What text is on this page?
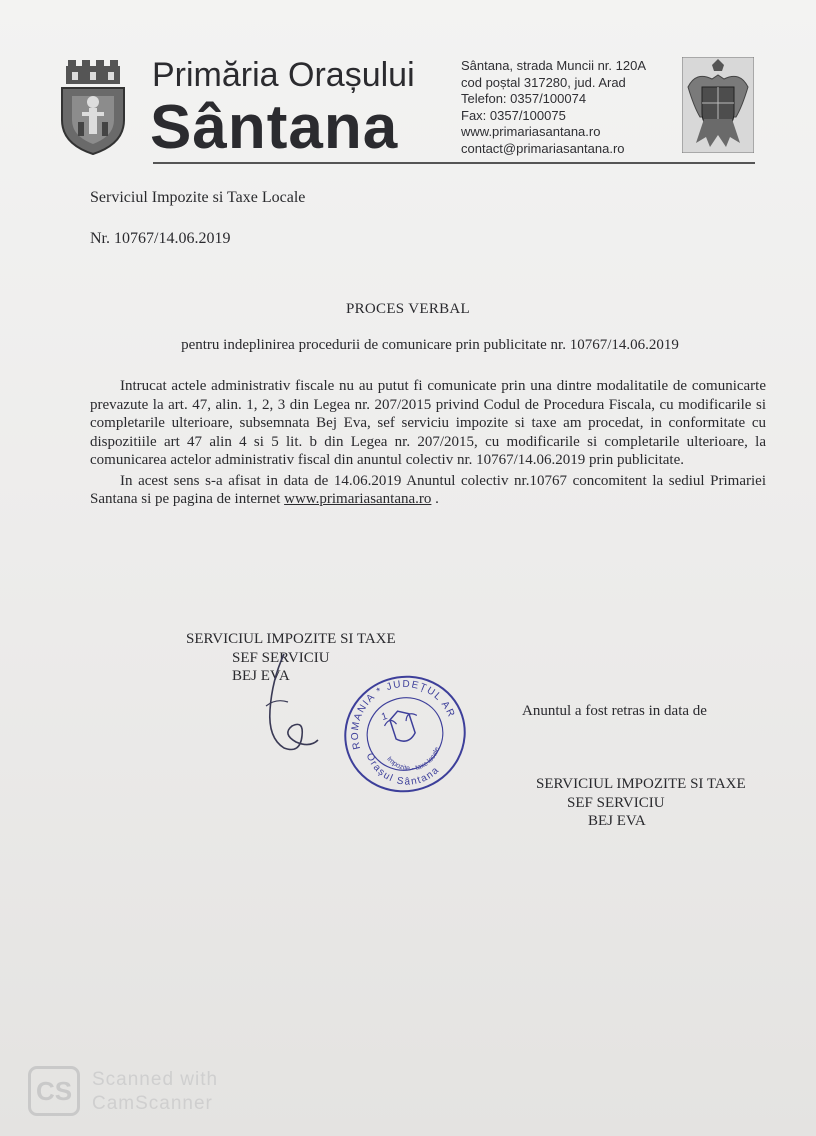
Primăria Orașului
Sântana
Sântana, strada Muncii nr. 120A
cod poștal 317280, jud. Arad
Telefon: 0357/100074
Fax: 0357/100075
www.primariasantana.ro
contact@primariasantana.ro
Serviciul Impozite si Taxe Locale
Nr. 10767/14.06.2019
PROCES VERBAL
pentru indeplinirea procedurii de comunicare prin publicitate nr. 10767/14.06.2019

Intrucat actele administrativ fiscale nu au putut fi comunicate prin una dintre modalitatile de comunicarte prevazute la art. 47, alin. 1, 2, 3 din Legea nr. 207/2015 privind Codul de Procedura Fiscala, cu modificarile si completarile ulterioare, subsemnata Bej Eva, sef serviciu impozite si taxe am procedat, in conformitate cu dispozitiile art 47 alin 4 si 5 lit. b din Legea nr. 207/2015, cu modificarile si completarile ulterioare, la comunicarea actelor administrativ fiscal din anuntul colectiv nr. 10767/14.06.2019 prin publicitate.

In acest sens s-a afisat in data de 14.06.2019 Anuntul colectiv nr.10767 concomitent la sediul Primariei Santana si pe pagina de internet www.primariasantana.ro .

SERVICIUL IMPOZITE SI TAXE
SEF SERVICIU
BEJ EVA
ROMANIA * JUDEȚUL ARAD
Orașul Sântana
Impozite - taxe locale
1	Anuntul a fost retras in data de
SERVICIUL IMPOZITE SI TAXE
SEF SERVICIU
BEJ EVA
CS	Scanned with
CamScanner
